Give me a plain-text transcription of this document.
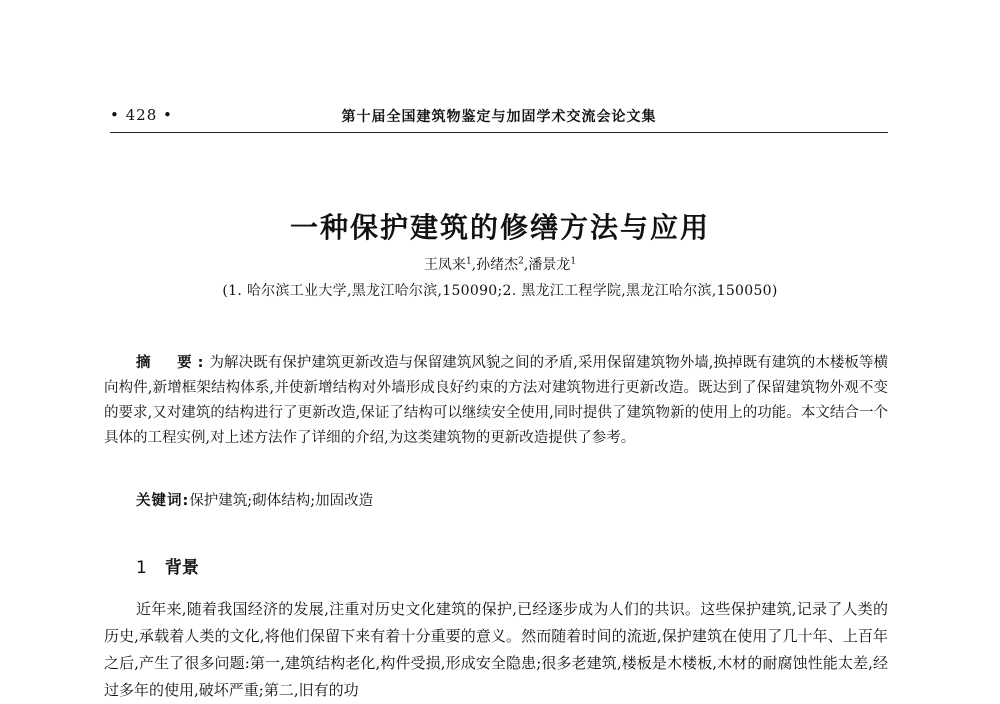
• 428 •	第十届全国建筑物鉴定与加固学术交流会论文集
一种保护建筑的修缮方法与应用
王凤来$^1$,孙绪杰$^2$,潘景龙$^1$
(1. 哈尔滨工业大学,黑龙江哈尔滨,150090;2. 黑龙江工程学院,黑龙江哈尔滨,150050)
摘　要:为解决既有保护建筑更新改造与保留建筑风貌之间的矛盾,采用保留建筑物外墙,换掉既有建筑的木楼板等横向构件,新增框架结构体系,并使新增结构对外墙形成良好约束的方法对建筑物进行更新改造。既达到了保留建筑物外观不变的要求,又对建筑的结构进行了更新改造,保证了结构可以继续安全使用,同时提供了建筑物新的使用上的功能。本文结合一个具体的工程实例,对上述方法作了详细的介绍,为这类建筑物的更新改造提供了参考。
关键词:保护建筑;砌体结构;加固改造
1 背景
近年来,随着我国经济的发展,注重对历史文化建筑的保护,已经逐步成为人们的共识。这些保护建筑,记录了人类的历史,承载着人类的文化,将他们保留下来有着十分重要的意义。然而随着时间的流逝,保护建筑在使用了几十年、上百年之后,产生了很多问题:第一,建筑结构老化,构件受损,形成安全隐患;很多老建筑,楼板是木楼板,木材的耐腐蚀性能太差,经过多年的使用,破坏严重;第二,旧有的功
